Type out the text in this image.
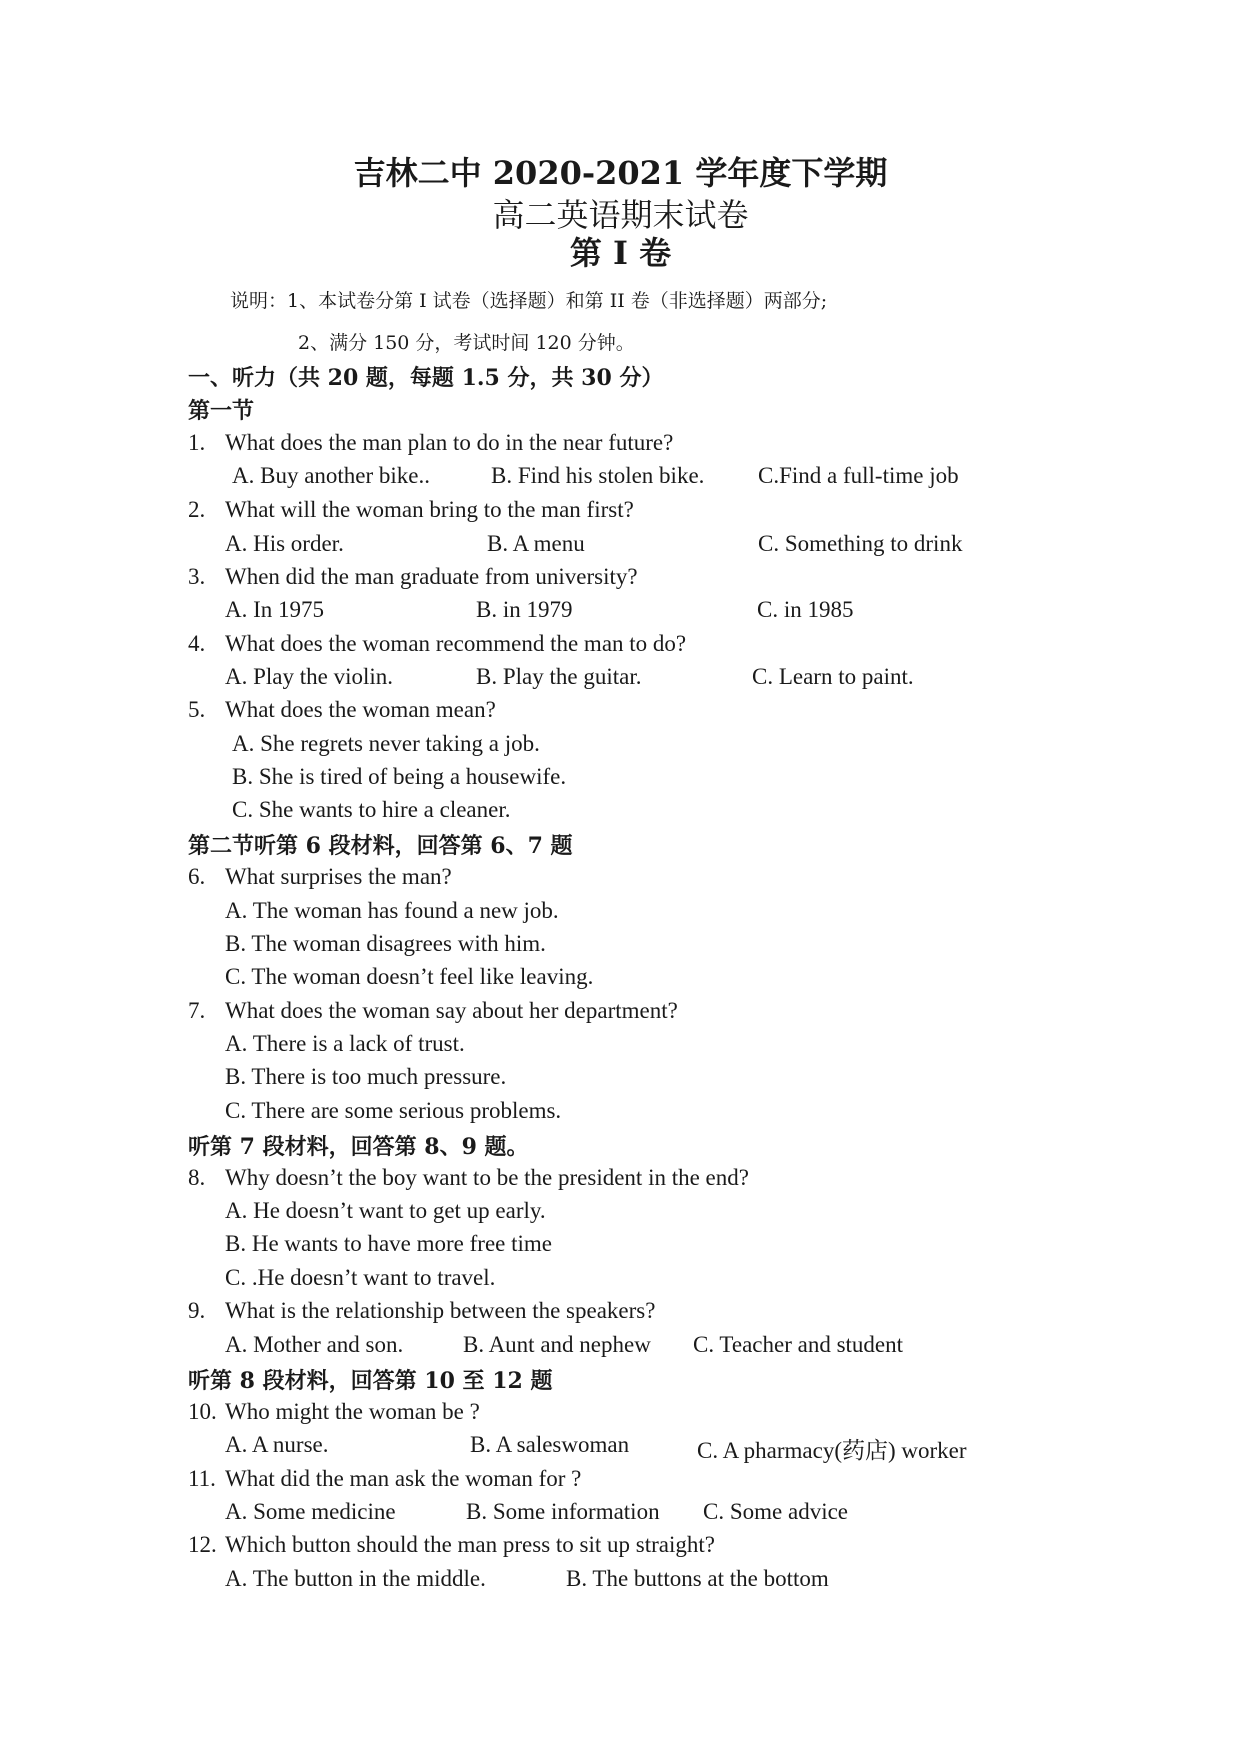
吉林二中 2020-2021 学年度下学期
高二英语期末试卷
第 I 卷
说明：1、本试卷分第 I 试卷（选择题）和第 II 卷（非选择题）两部分;
2、满分 150 分，考试时间 120 分钟。
一、听力（共 20 题，每题 1.5 分，共 30 分）
第一节
1. What does the man plan to do in the near future?
A. Buy another bike..	B. Find his stolen bike. C.Find a full-time job
2. What will the woman bring to the man first?
A. His order.	B. A menu	C. Something to drink
3. When did the man graduate from university?
A. In 1975	B. in 1979	C. in 1985
4. What does the woman recommend the man to do?
A. Play the violin.	B. Play the guitar.	C. Learn to paint.
5. What does the woman mean?
A. She regrets never taking a job.
B. She is tired of being a housewife.
C. She wants to hire a cleaner.
第二节听第 6 段材料，回答第 6、7 题
6. What surprises the man?
A. The woman has found a new job.
B. The woman disagrees with him.
C. The woman doesn’t feel like leaving.
7. What does the woman say about her department?
A. There is a lack of trust.
B. There is too much pressure.
C. There are some serious problems.
听第 7 段材料，回答第 8、9 题。
8. Why doesn’t the boy want to be the president in the end?
A. He doesn’t want to get up early.
B. He wants to have more free time
C. .He doesn’t want to travel.
9. What is the relationship between the speakers?
A. Mother and son.	B. Aunt and nephew C. Teacher and student
听第 8 段材料，回答第 10 至 12 题
10. Who might the woman be ?
A. A nurse.	B. A saleswoman	C. A pharmacy(药店) worker
11. What did the man ask the woman for ?
A. Some medicine	B. Some information C. Some advice
12. Which button should the man press to sit up straight?
A. The button in the middle.	B. The buttons at the bottom
